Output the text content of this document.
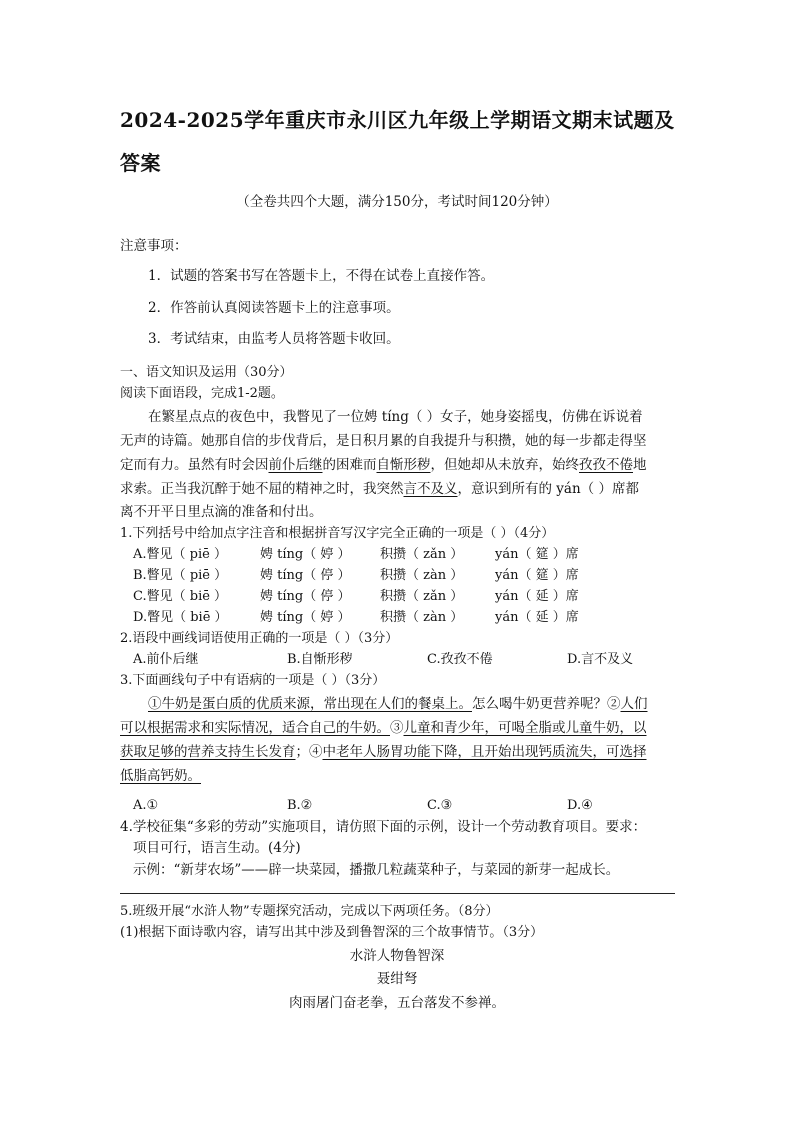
2024-2025学年重庆市永川区九年级上学期语文期末试题及
答案
（全卷共四个大题，满分150分，考试时间120分钟）
注意事项：
1．试题的答案书写在答题卡上，不得在试卷上直接作答。
2．作答前认真阅读答题卡上的注意事项。
3．考试结束，由监考人员将答题卡收回。
一、语文知识及运用（30分）
阅读下面语段，完成1-2题。
在繁星点点的夜色中，我瞥见了一位娉 tíng（ ）女子，她身姿摇曳，仿佛在诉说着
无声的诗篇。她那自信的步伐背后，是日积月累的自我提升与积攒，她的每一步都走得坚
定而有力。虽然有时会因前仆后继的困难而自惭形秽，但她却从未放弃，始终孜孜不倦地
求索。正当我沉醉于她不屈的精神之时，我突然言不及义，意识到所有的 yán（ ）席都
离不开平日里点滴的准备和付出。
1.下列括号中给加点字注音和根据拼音写汉字完全正确的一项是（ ）（4分）
A.瞥见（ piē ）	娉 tíng（ 婷 ） 积攒（ zǎn ） yán（ 筵 ）席
B.瞥见（ piē ）	娉 tíng（ 停 ） 积攒（ zàn ） yán（ 筵 ）席
C.瞥见（ biē ）	娉 tíng（ 停 ） 积攒（ zǎn ） yán（ 延 ）席
D.瞥见（ biē ） 娉 tíng（ 婷 ） 积攒（ zàn ） yán（ 延 ）席
2.语段中画线词语使用正确的一项是（ ）（3分）
A.前仆后继	B.自惭形秽	C.孜孜不倦	D.言不及义
3.下面画线句子中有语病的一项是（ ）（3分）
①牛奶是蛋白质的优质来源，常出现在人们的餐桌上。怎么喝牛奶更营养呢？②人们
可以根据需求和实际情况，适合自己的牛奶。③儿童和青少年，可喝全脂或儿童牛奶，以
获取足够的营养支持生长发育；④中老年人肠胃功能下降，且开始出现钙质流失，可选择
低脂高钙奶。
A.①	B.②	C.③	D.④
4.学校征集“多彩的劳动”实施项目，请仿照下面的示例，设计一个劳动教育项目。要求：
项目可行，语言生动。(4分)
示例：“新芽农场”——辟一块菜园，播撒几粒蔬菜种子，与菜园的新芽一起成长。
5.班级开展“水浒人物”专题探究活动，完成以下两项任务。（8分）
(1)根据下面诗歌内容，请写出其中涉及到鲁智深的三个故事情节。（3分）
水浒人物鲁智深
聂绀弩
肉雨屠门奋老拳，五台落发不参禅。
